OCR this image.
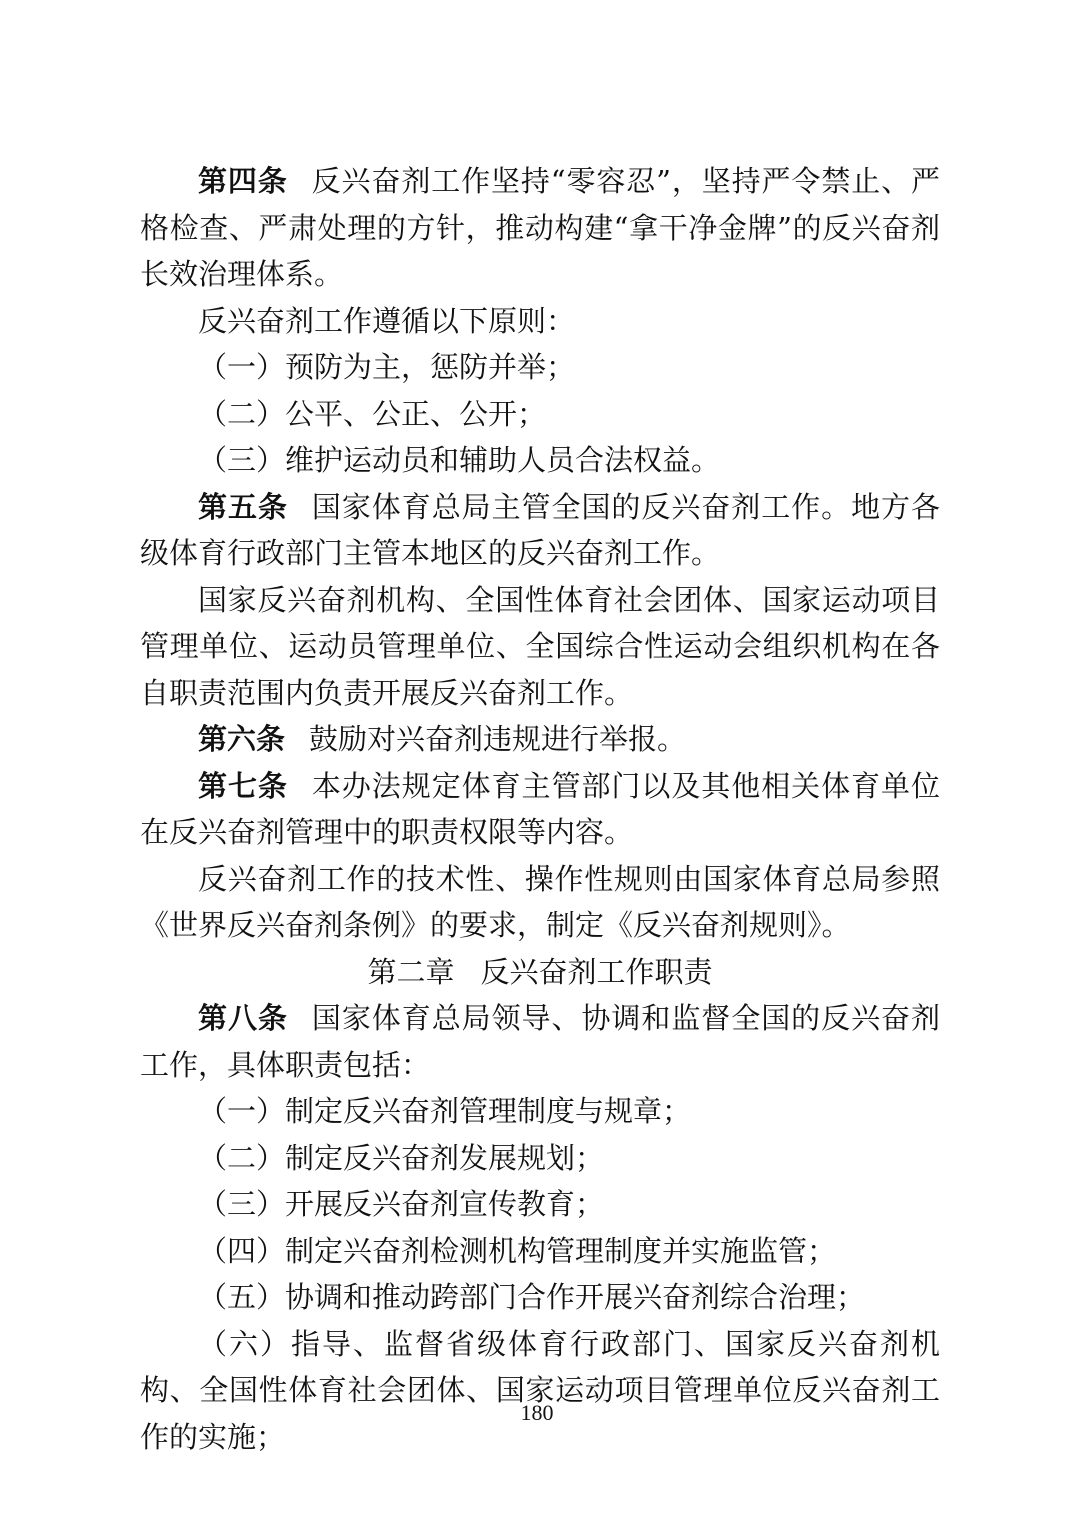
第四条 反兴奋剂工作坚持“零容忍”，坚持严令禁止、严格检查、严肃处理的方针，推动构建“拿干净金牌”的反兴奋剂长效治理体系。

反兴奋剂工作遵循以下原则：

（一）预防为主，惩防并举；

（二）公平、公正、公开；

（三）维护运动员和辅助人员合法权益。

第五条 国家体育总局主管全国的反兴奋剂工作。地方各级体育行政部门主管本地区的反兴奋剂工作。

国家反兴奋剂机构、全国性体育社会团体、国家运动项目管理单位、运动员管理单位、全国综合性运动会组织机构在各自职责范围内负责开展反兴奋剂工作。

第六条 鼓励对兴奋剂违规进行举报。

第七条 本办法规定体育主管部门以及其他相关体育单位在反兴奋剂管理中的职责权限等内容。

反兴奋剂工作的技术性、操作性规则由国家体育总局参照《世界反兴奋剂条例》的要求，制定《反兴奋剂规则》。

第二章 反兴奋剂工作职责

第八条 国家体育总局领导、协调和监督全国的反兴奋剂工作，具体职责包括：

（一）制定反兴奋剂管理制度与规章；

（二）制定反兴奋剂发展规划；

（三）开展反兴奋剂宣传教育；

（四）制定兴奋剂检测机构管理制度并实施监管；

（五）协调和推动跨部门合作开展兴奋剂综合治理；

（六）指导、监督省级体育行政部门、国家反兴奋剂机构、全国性体育社会团体、国家运动项目管理单位反兴奋剂工作的实施；

180
